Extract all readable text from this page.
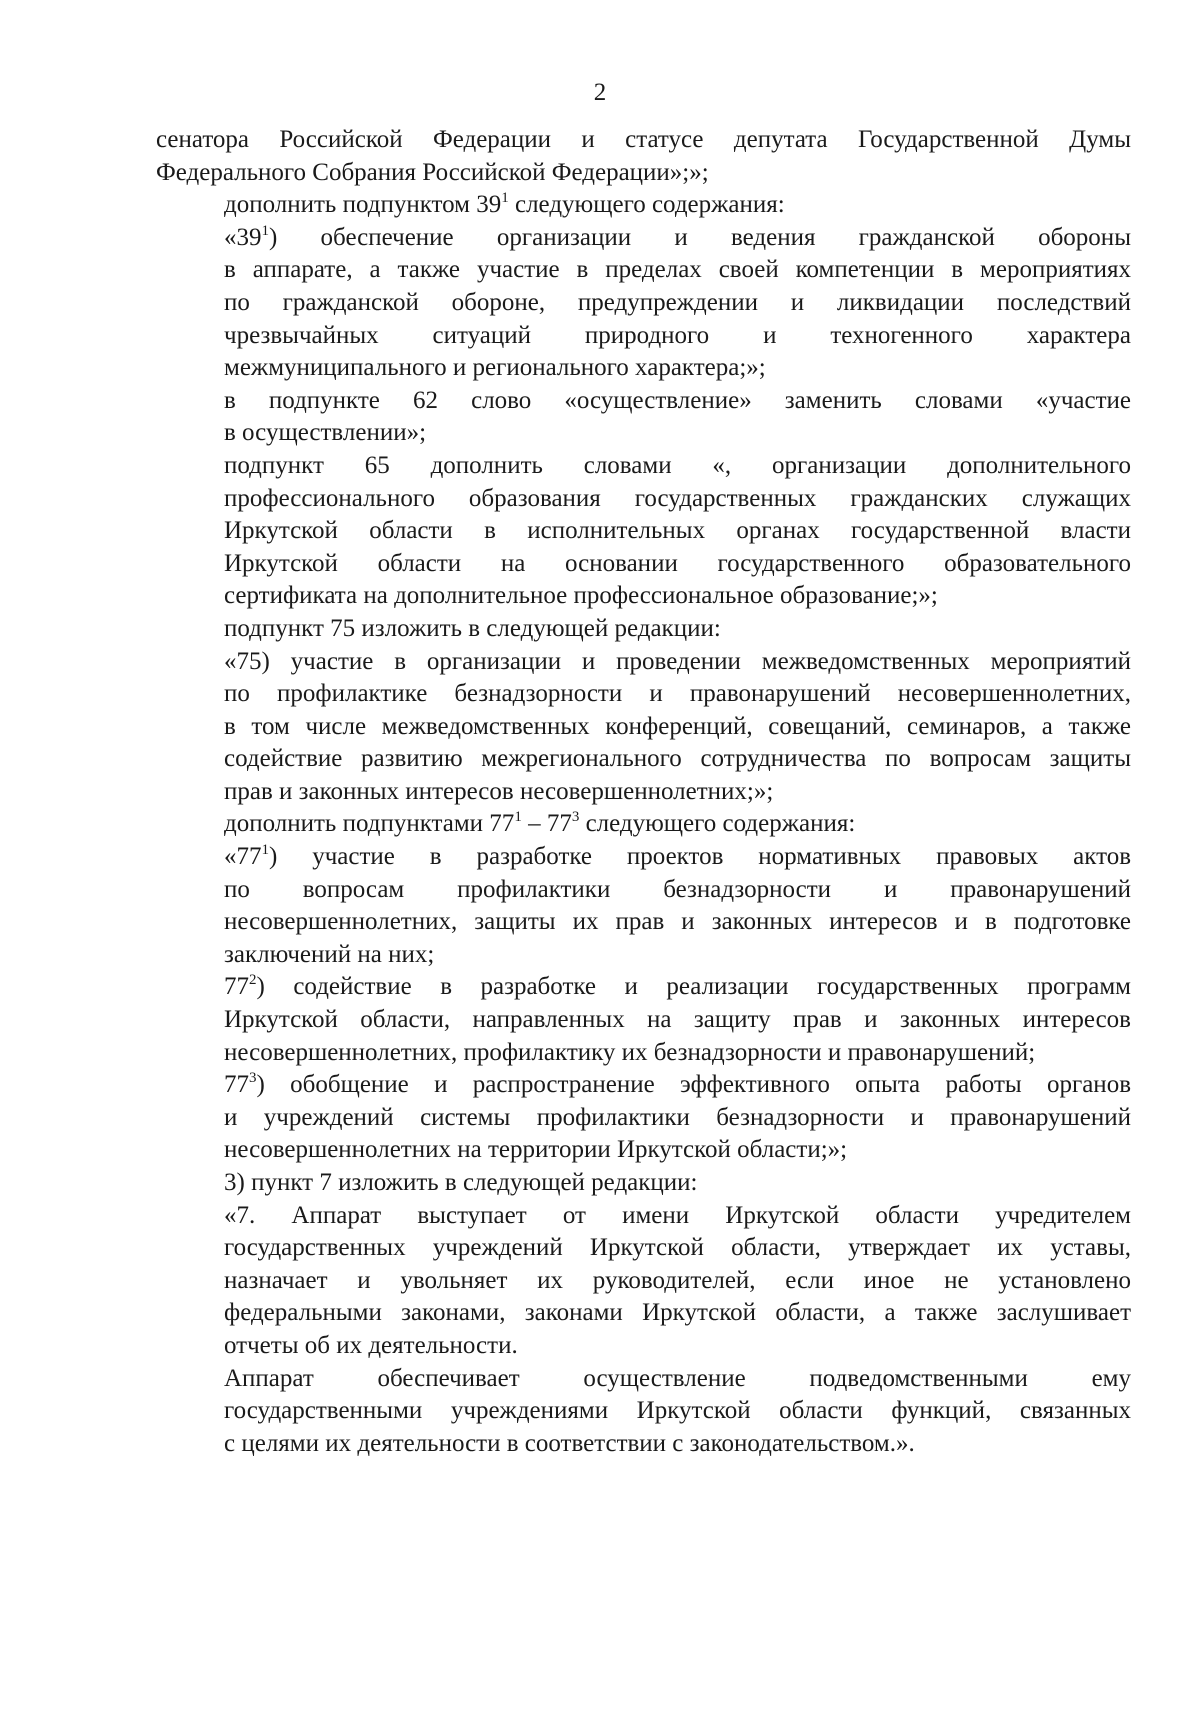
2

сенатора Российской Федерации и статусе депутата Государственной Думы
Федерального Собрания Российской Федерации»;»;

дополнить подпунктом $39^1$ следующего содержания:

«$39^1$) обеспечение организации и ведения гражданской обороны
в аппарате, а также участие в пределах своей компетенции в мероприятиях
по гражданской обороне, предупреждении и ликвидации последствий
чрезвычайных ситуаций природного и техногенного характера
межмуниципального и регионального характера;»;

в подпункте 62 слово «осуществление» заменить словами «участие
в осуществлении»;

подпункт 65 дополнить словами «, организации дополнительного
профессионального образования государственных гражданских служащих
Иркутской области в исполнительных органах государственной власти
Иркутской области на основании государственного образовательного
сертификата на дополнительное профессиональное образование;»;

подпункт 75 изложить в следующей редакции:

«75) участие в организации и проведении межведомственных мероприятий
по профилактике безнадзорности и правонарушений несовершеннолетних,
в том числе межведомственных конференций, совещаний, семинаров, а также
содействие развитию межрегионального сотрудничества по вопросам защиты
прав и законных интересов несовершеннолетних;»;

дополнить подпунктами $77^1 - 77^3$ следующего содержания:

«$77^1$) участие в разработке проектов нормативных правовых актов
по вопросам профилактики безнадзорности и правонарушений
несовершеннолетних, защиты их прав и законных интересов и в подготовке
заключений на них;

$77^2$) содействие в разработке и реализации государственных программ
Иркутской области, направленных на защиту прав и законных интересов
несовершеннолетних, профилактику их безнадзорности и правонарушений;

$77^3$) обобщение и распространение эффективного опыта работы органов
и учреждений системы профилактики безнадзорности и правонарушений
несовершеннолетних на территории Иркутской области;»;

3) пункт 7 изложить в следующей редакции:

«7. Аппарат выступает от имени Иркутской области учредителем
государственных учреждений Иркутской области, утверждает их уставы,
назначает и увольняет их руководителей, если иное не установлено
федеральными законами, законами Иркутской области, а также заслушивает
отчеты об их деятельности.

Аппарат обеспечивает осуществление подведомственными ему
государственными учреждениями Иркутской области функций, связанных
с целями их деятельности в соответствии с законодательством.».
